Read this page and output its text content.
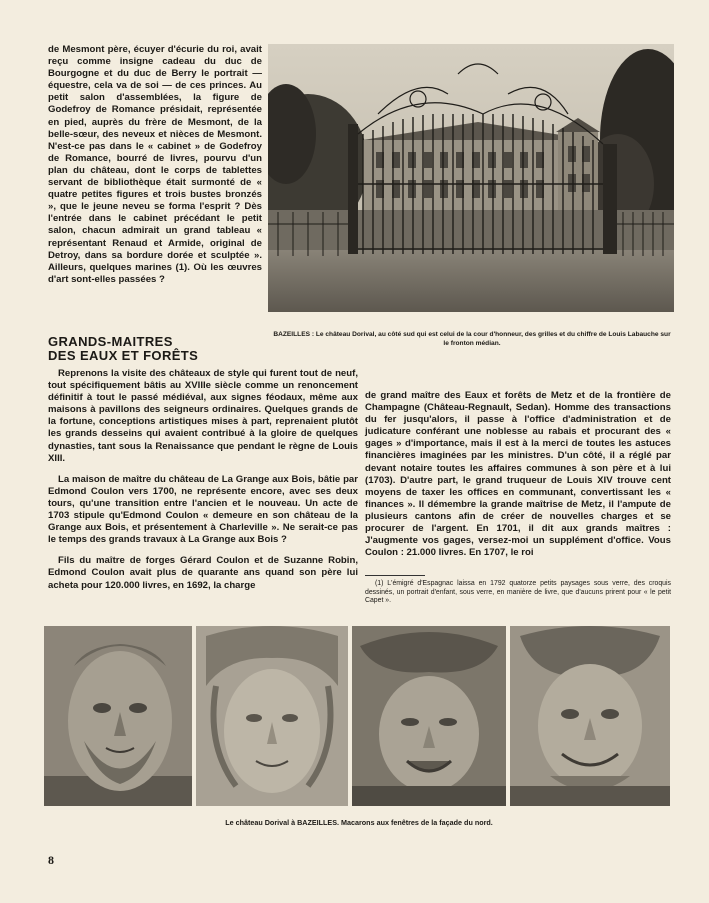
de Mesmont père, écuyer d'écurie du roi, avait reçu comme insigne cadeau du duc de Bourgogne et du duc de Berry le portrait — équestre, cela va de soi — de ces princes. Au petit salon d'assemblées, la figure de Godefroy de Romance présidait, représentée en pied, auprès du frère de Mesmont, de la belle-sœur, des neveux et nièces de Mesmont. N'est-ce pas dans le « cabinet » de Godefroy de Romance, bourré de livres, pourvu d'un plan du château, dont le corps de tablettes servant de bibliothèque était surmonté de « quatre petites figures et trois bustes bronzés », que le jeune neveu se forma l'esprit ? Dès l'entrée dans le cabinet précédant le petit salon, chacun admirait un grand tableau « représentant Renaud et Armide, original de Detroy, dans sa bordure dorée et sculptée ». Ailleurs, quelques marines (1). Où les œuvres d'art sont-elles passées ?

BAZEILLES : Le château Dorival, au côté sud qui est celui de la cour d'honneur, des grilles et du chiffre de Louis Labauche sur le fronton médian.
GRANDS-MAITRES
DES EAUX ET FORÊTS

Reprenons la visite des châteaux de style qui furent tout de neuf, tout spécifiquement bâtis au XVIIIe siècle comme un renoncement définitif à tout le passé médiéval, aux signes féodaux, même aux maisons à pavillons des seigneurs ordinaires. Quelques grands de la fortune, conceptions artistiques mises à part, reprenaient plutôt les grands desseins qui avaient contribué à la gloire de quelques dynasties, tant sous la Renaissance que pendant le règne de Louis XIII.

La maison de maître du château de La Grange aux Bois, bâtie par Edmond Coulon vers 1700, ne représente encore, avec ses deux tours, qu'une transition entre l'ancien et le nouveau. Un acte de 1703 stipule qu'Edmond Coulon « demeure en son château de la Grange aux Bois, et présentement à Charleville ». Ne serait-ce pas le temps des grands travaux à La Grange aux Bois ?

Fils du maître de forges Gérard Coulon et de Suzanne Robin, Edmond Coulon avait plus de quarante ans quand son père lui acheta pour 120.000 livres, en 1692, la charge

de grand maître des Eaux et forêts de Metz et de la frontière de Champagne (Château-Regnault, Sedan). Homme des transactions du fer jusqu'alors, il passe à l'office d'administration et de judicature conférant une noblesse au rabais et procurant des « gages » d'importance, mais il est à la merci de toutes les astuces financières imaginées par les ministres. D'un côté, il a réglé par devant notaire toutes les affaires communes à son père et à lui (1703). D'autre part, le grand truqueur de Louis XIV trouve cent moyens de taxer les offices en communant, convertissant les « finances ». Il démembre la grande maîtrise de Metz, il l'ampute de plusieurs cantons afin de créer de nouvelles charges et se procurer de l'argent. En 1701, il dit aux grands maîtres : J'augmente vos gages, versez-moi un supplément d'office. Vous Coulon : 21.000 livres. En 1707, le roi

(1) L'émigré d'Espagnac laissa en 1792 quatorze petits paysages sous verre, des croquis dessinés, un portrait d'enfant, sous verre, en manière de livre, que d'aucuns prirent pour « le petit Capet ».
Le château Dorival à BAZEILLES. Macarons aux fenêtres de la façade du nord.
8
